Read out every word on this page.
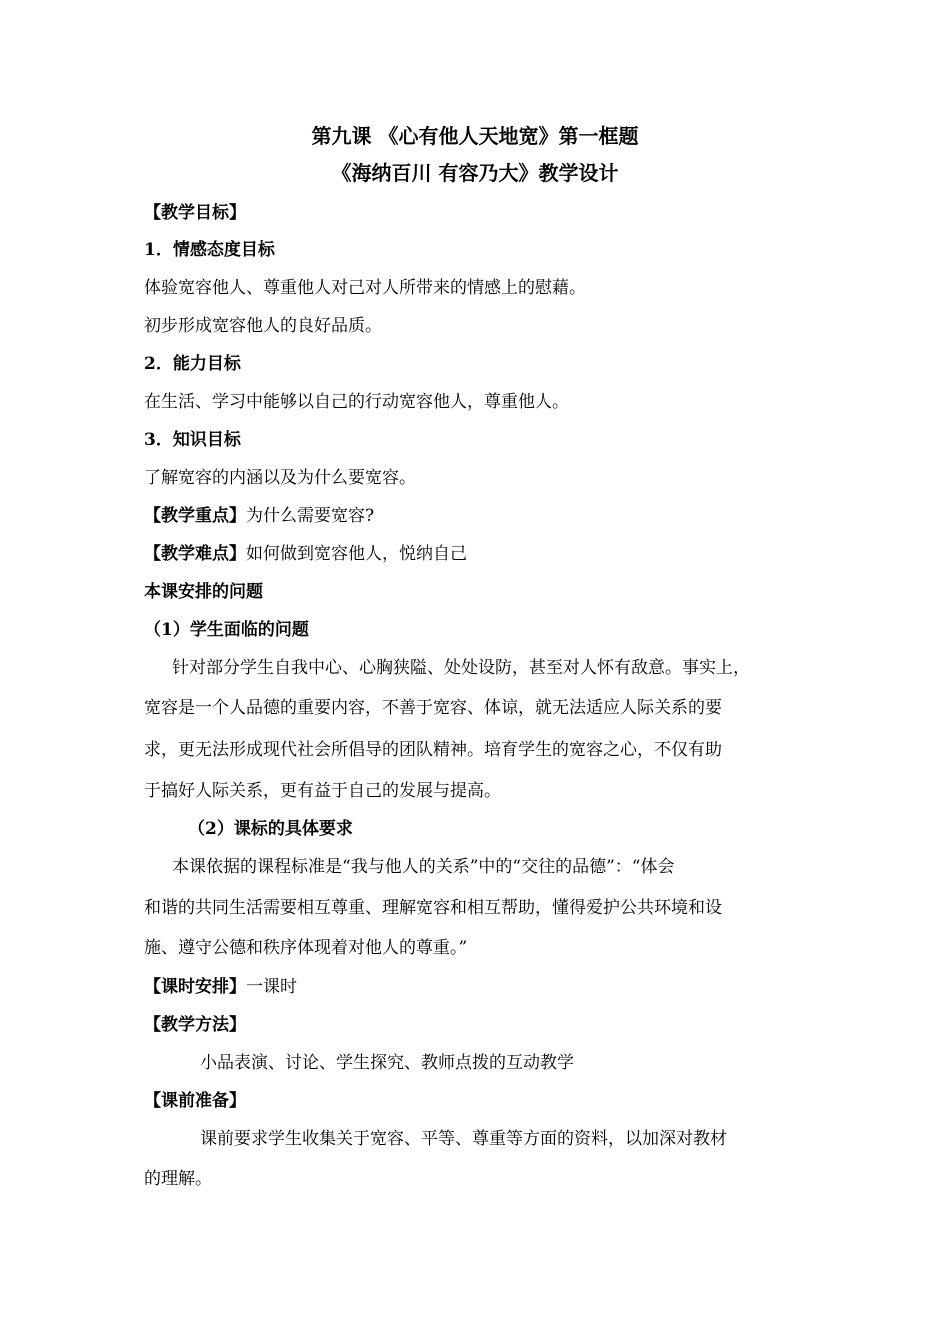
第九课 《心有他人天地宽》第一框题
《海纳百川 有容乃大》教学设计
【教学目标】
1．情感态度目标
体验宽容他人、尊重他人对己对人所带来的情感上的慰藉。
初步形成宽容他人的良好品质。
2．能力目标
在生活、学习中能够以自己的行动宽容他人，尊重他人。
3．知识目标
了解宽容的内涵以及为什么要宽容。
【教学重点】为什么需要宽容?
【教学难点】如何做到宽容他人，悦纳自己
本课安排的问题
（1）学生面临的问题
针对部分学生自我中心、心胸狭隘、处处设防，甚至对人怀有敌意。事实上，
宽容是一个人品德的重要内容，不善于宽容、体谅，就无法适应人际关系的要
求，更无法形成现代社会所倡导的团队精神。培育学生的宽容之心，不仅有助
于搞好人际关系，更有益于自己的发展与提高。
（2）课标的具体要求
本课依据的课程标准是“我与他人的关系”中的“交往的品德”：“体会
和谐的共同生活需要相互尊重、理解宽容和相互帮助，懂得爱护公共环境和设
施、遵守公德和秩序体现着对他人的尊重。”
【课时安排】一课时
【教学方法】
小品表演、讨论、学生探究、教师点拨的互动教学
【课前准备】
课前要求学生收集关于宽容、平等、尊重等方面的资料，以加深对教材
的理解。
